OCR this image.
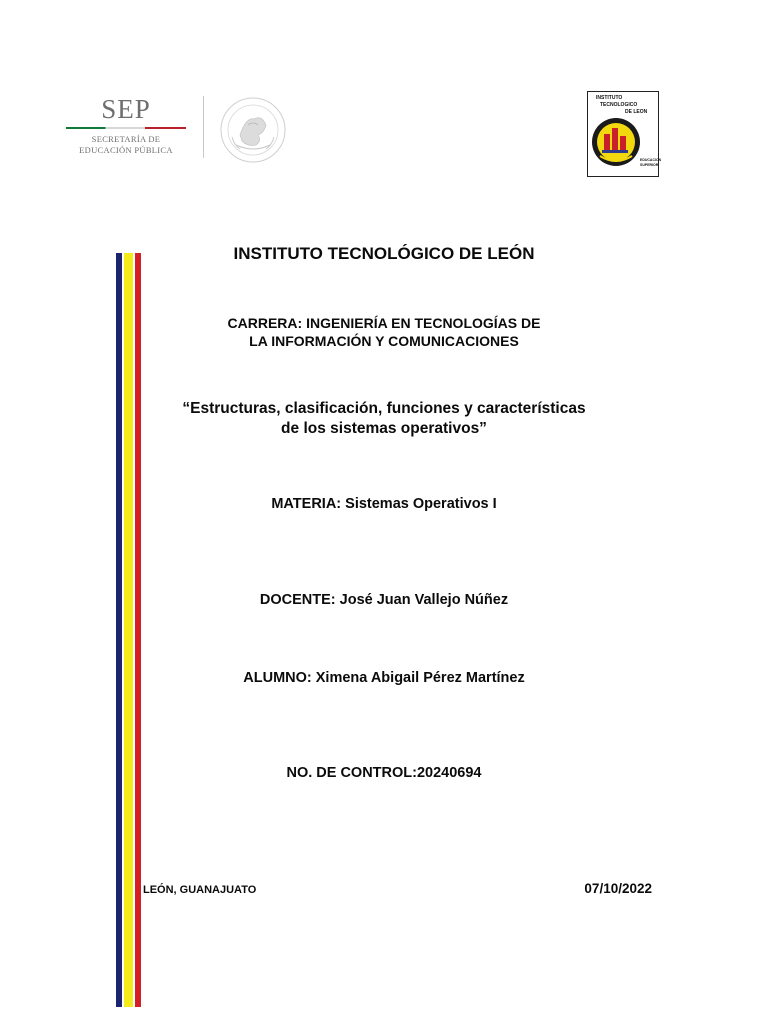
SEP
SECRETARÍA DE
EDUCACIÓN PÚBLICA
INSTITUTO
TECNOLOGICO
DE LEON
EDUCACION
SUPERIOR
INSTITUTO TECNOLÓGICO DE LEÓN
CARRERA: INGENIERÍA EN TECNOLOGÍAS DE
LA INFORMACIÓN Y COMUNICACIONES
“Estructuras, clasificación, funciones y características
de los sistemas operativos”
MATERIA: Sistemas Operativos I
DOCENTE: José Juan Vallejo Núñez
ALUMNO: Ximena Abigail Pérez Martínez
NO. DE CONTROL:20240694
LEÓN, GUANAJUATO	07/10/2022
